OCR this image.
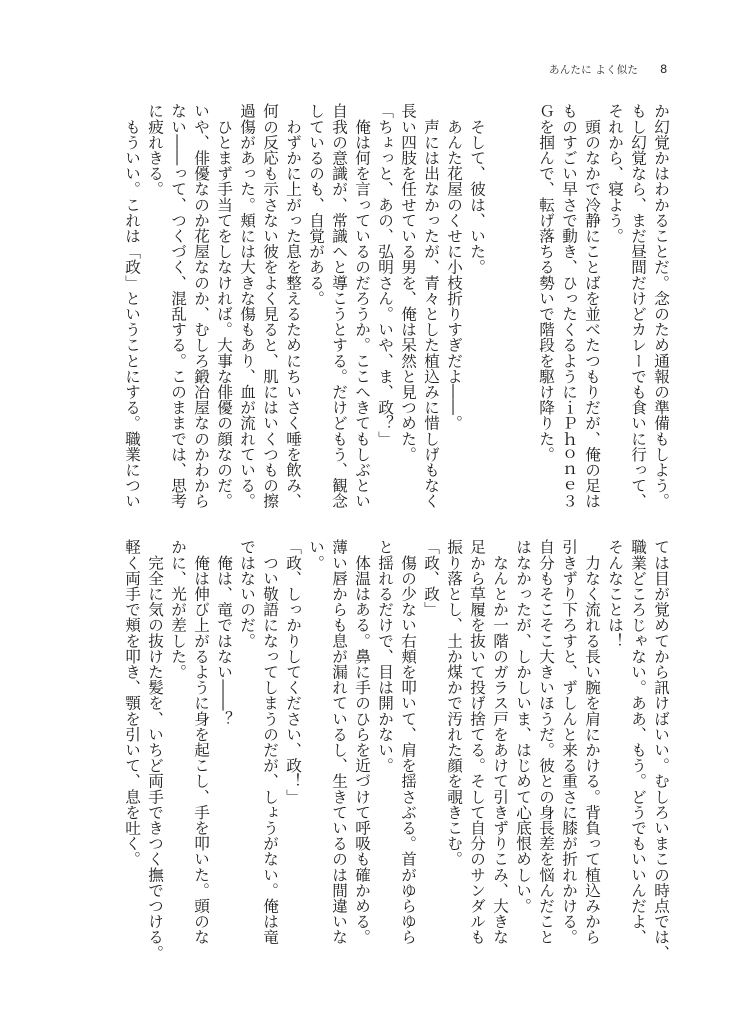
あんたに よく似た 8
か幻覚かはわかることだ。念のため通報の準備もしよう。
もし幻覚なら、まだ昼間だけどカレーでも食いに行って、
それから、寝よう。
　頭のなかで冷静にことばを並べたつもりだが、俺の足は
ものすごい早さで動き、ひったくるようにｉＰｈｏｎｅ３
Ｇを掴んで、転げ落ちる勢いで階段を駆け降りた。
　そして、彼は、いた。
　あんた花屋のくせに小枝折りすぎだよ――。
　声には出なかったが、青々とした植込みに惜しげもなく
長い四肢を任せている男を、俺は呆然と見つめた。
「ちょっと、あの、弘明さん。いや、ま、政？」
　俺は何を言っているのだろうか。ここへきてもしぶとい
自我の意識が、常識へと導こうとする。だけどもう、観念
しているのも、自覚がある。
　わずかに上がった息を整えるためにちいさく唾を飲み、
何の反応も示さない彼をよく見ると、肌にはいくつもの擦
過傷があった。頬には大きな傷もあり、血が流れている。
　ひとまず手当てをしなければ。大事な俳優の顔なのだ。
いや、俳優なのか花屋なのか、むしろ鍛冶屋なのかわから
ない――って、つくづく、混乱する。このままでは、思考
に疲れきる。
　もういい。これは「政」ということにする。職業につい
ては目が覚めてから訊けばいい。むしろいまこの時点では、
職業どころじゃない。ああ、もう。どうでもいいんだよ、
そんなことは！
　力なく流れる長い腕を肩にかける。背負って植込みから
引きずり下ろすと、ずしんと来る重さに膝が折れかける。
自分もそこそこ大きいほうだ。彼との身長差を悩んだこと
はなかったが、しかしいま、はじめて心底恨めしい。
　なんとか一階のガラス戸をあけて引きずりこみ、大きな
足から草履を抜いて投げ捨てる。そして自分のサンダルも
振り落とし、土か煤かで汚れた顔を覗きこむ。
「政、政」
　傷の少ない右頬を叩いて、肩を揺さぶる。首がゆらゆら
と揺れるだけで、目は開かない。
　体温はある。鼻に手のひらを近づけて呼吸も確かめる。
薄い唇からも息が漏れているし、生きているのは間違いな
い。
「政、しっかりしてください、政！」
　つい敬語になってしまうのだが、しょうがない。俺は竜
ではないのだ。
　俺は、竜ではない――？
　俺は伸び上がるように身を起こし、手を叩いた。頭のな
かに、光が差した。
　完全に気の抜けた髪を、いちど両手できつく撫でつける。
軽く両手で頬を叩き、顎を引いて、息を吐く。
